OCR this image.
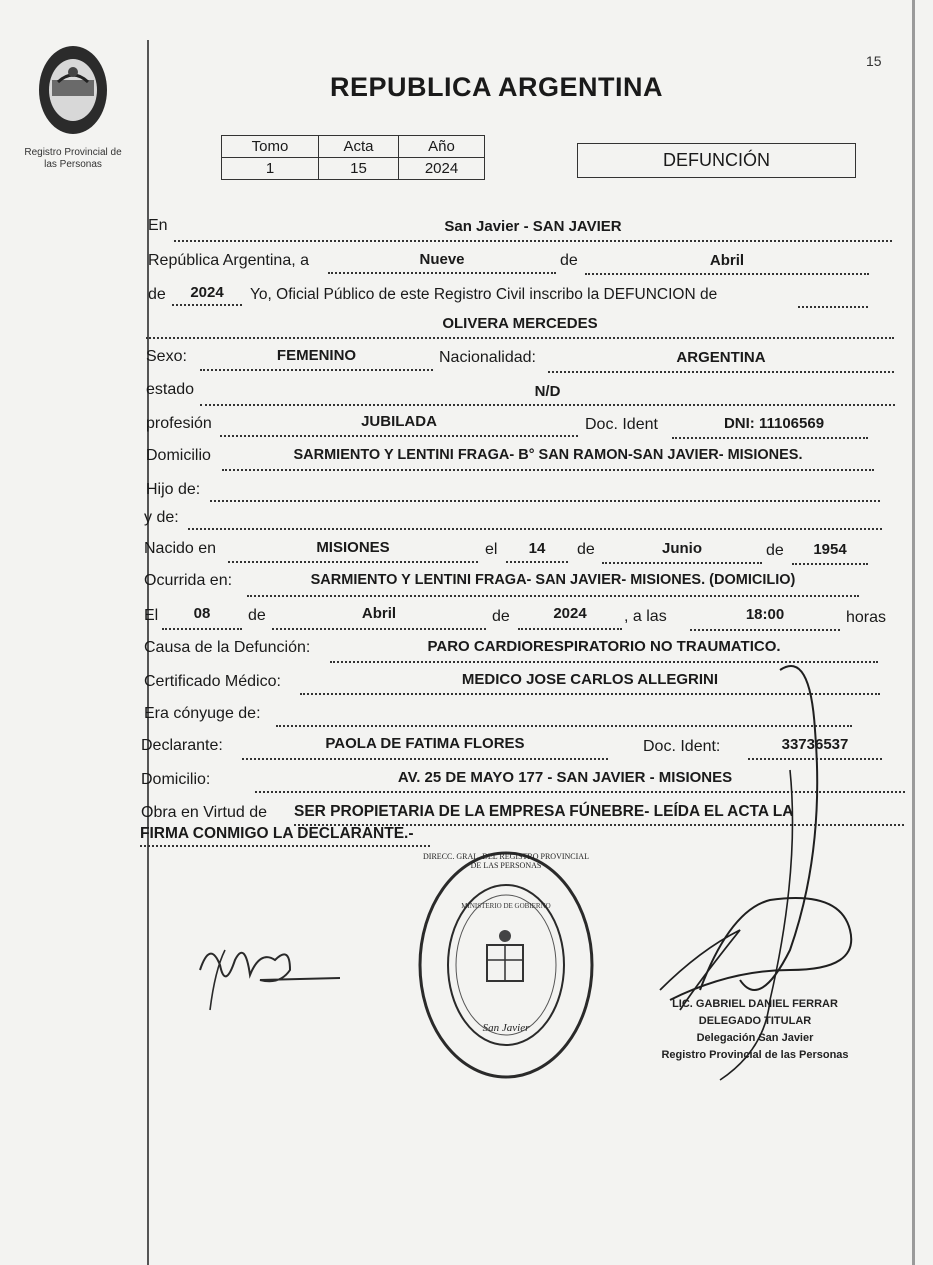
Registro Provincial de
las Personas
15
REPUBLICA ARGENTINA
Tomo	Acta	Año
1	15	2024	DEFUNCIÓN
En	San Javier - SAN JAVIER
República Argentina, a	Nueve	de	Abril
de	2024	Yo, Oficial Público de este Registro Civil inscribo la DEFUNCION de
OLIVERA MERCEDES
Sexo:	FEMENINO	Nacionalidad:	ARGENTINA
estado	N/D
profesión	JUBILADA	Doc. Ident	DNI: 11106569
Domicilio	SARMIENTO Y LENTINI FRAGA- B° SAN RAMON-SAN JAVIER- MISIONES.
Hijo de:
y de:
Nacido en	MISIONES	el	14	de	Junio	de	1954
Ocurrida en:	SARMIENTO Y LENTINI FRAGA- SAN JAVIER- MISIONES. (DOMICILIO)
El	08	de	Abril	de	2024	, a las	18:00	horas
Causa de la Defunción:	PARO CARDIORESPIRATORIO NO TRAUMATICO.
Certificado Médico:	MEDICO JOSE CARLOS ALLEGRINI
Era cónyuge de:
Declarante:	PAOLA DE FATIMA FLORES	Doc. Ident:	33736537
Domicilio:	AV. 25 DE MAYO 177 - SAN JAVIER - MISIONES
Obra en Virtud de SER PROPIETARIA DE LA EMPRESA FÚNEBRE- LEÍDA EL ACTA LA
FIRMA CONMIGO LA DECLARANTE.-
DIRECC. GRAL. DEL REGISTRO PROVINCIAL DE LAS PERSONAS
MINISTERIO DE GOBIERNO
San Javier
LIC. GABRIEL DANIEL FERRAR
DELEGADO TITULAR
Delegación San Javier
Registro Provincial de las Personas
